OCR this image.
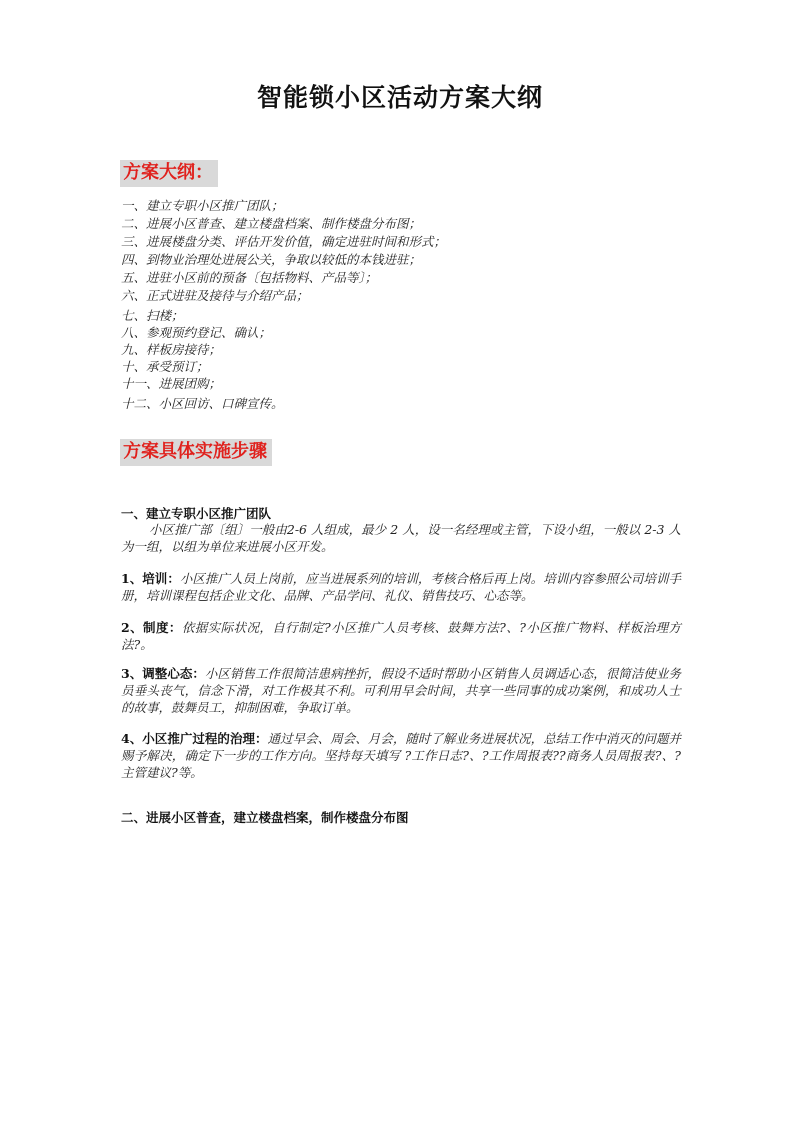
智能锁小区活动方案大纲
方案大纲：
一、建立专职小区推广团队；
二、进展小区普查、建立楼盘档案、制作楼盘分布图；
三、进展楼盘分类、评估开发价值，确定进驻时间和形式；
四、到物业治理处进展公关，争取以较低的本钱进驻；
五、进驻小区前的预备〔包括物料、产品等〕；
六、正式进驻及接待与介绍产品；
七、扫楼；
八、参观预约登记、确认；
九、样板房接待；
十、承受预订；
十一、进展团购；
十二、小区回访、口碑宣传。
方案具体实施步骤
一、建立专职小区推广团队
小区推广部〔组〕一般由2-6 人组成，最少 2 人，设一名经理或主管，下设小组，一般以 2-3 人为一组，以组为单位来进展小区开发。
1、培训：小区推广人员上岗前，应当进展系列的培训，考核合格后再上岗。培训内容参照公司培训手册，培训课程包括企业文化、品牌、产品学问、礼仪、销售技巧、心态等。
2、制度：依据实际状况，自行制定?小区推广人员考核、鼓舞方法?、?小区推广物料、样板治理方法?。
3、调整心态：小区销售工作很简洁患病挫折，假设不适时帮助小区销售人员调适心态，很简洁使业务员垂头丧气，信念下滑，对工作极其不利。可利用早会时间，共享一些同事的成功案例，和成功人士的故事，鼓舞员工，抑制困难，争取订单。
4、小区推广过程的治理：通过早会、周会、月会，随时了解业务进展状况，总结工作中消灭的问题并赐予解决，确定下一步的工作方向。坚持每天填写 ?工作日志?、?工作周报表??商务人员周报表?、?主管建议?等。
二、进展小区普查，建立楼盘档案，制作楼盘分布图
